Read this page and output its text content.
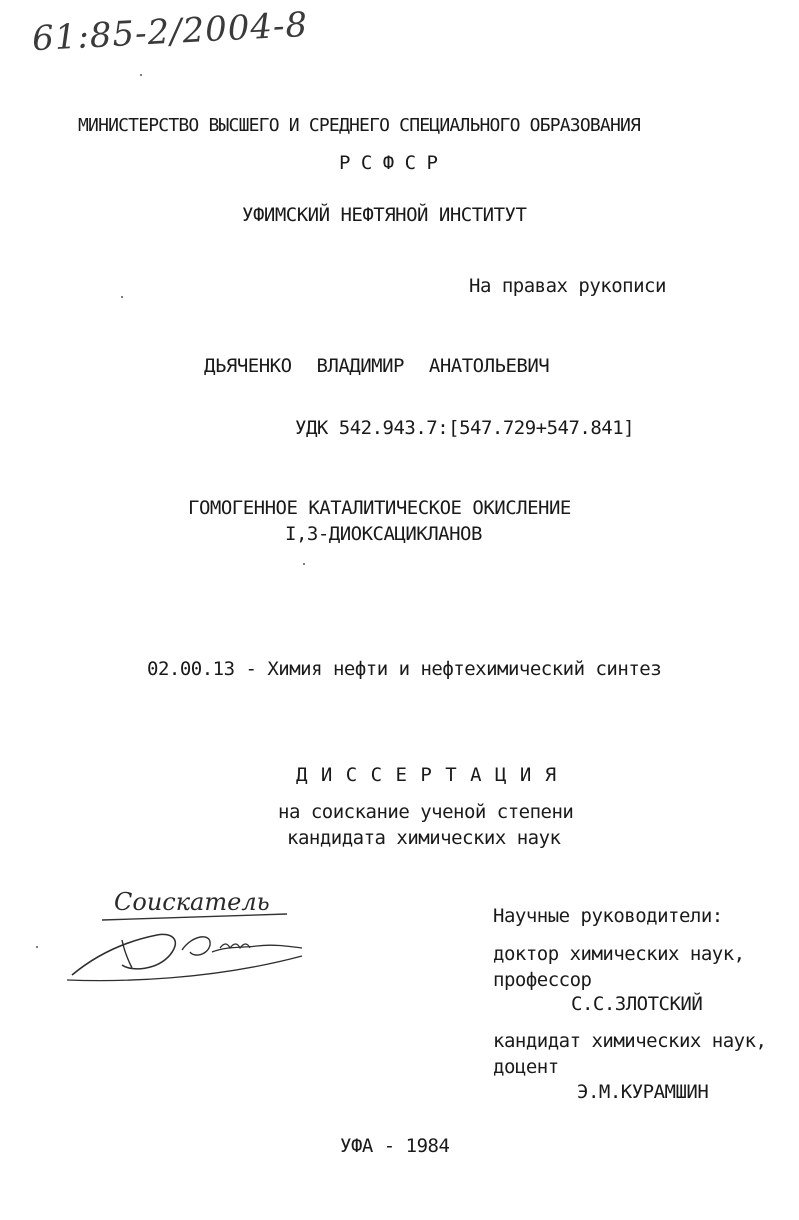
61:85-2/2004-8
МИНИСТЕРСТВО ВЫСШЕГО И СРЕДНЕГО СПЕЦИАЛЬНОГО ОБРАЗОВАНИЯ
Р С Ф С Р
УФИМСКИЙ НЕФТЯНОЙ ИНСТИТУТ
На правах рукописи
ДЬЯЧЕНКО ВЛАДИМИР АНАТОЛЬЕВИЧ
УДК 542.943.7:[547.729+547.841]
ГОМОГЕННОЕ КАТАЛИТИЧЕСКОЕ ОКИСЛЕНИЕ
I,3-ДИОКСАЦИКЛАНОВ
02.00.13 - Химия нефти и нефтехимический синтез
Д И С С Е Р Т А Ц И Я
на соискание ученой степени
кандидата химических наук
Соискатель	Научные руководители:
доктор химических наук,
профессор
С.С.ЗЛОТСКИЙ
кандидат химических наук,
доцент
Э.М.КУРАМШИН
УФА - 1984
